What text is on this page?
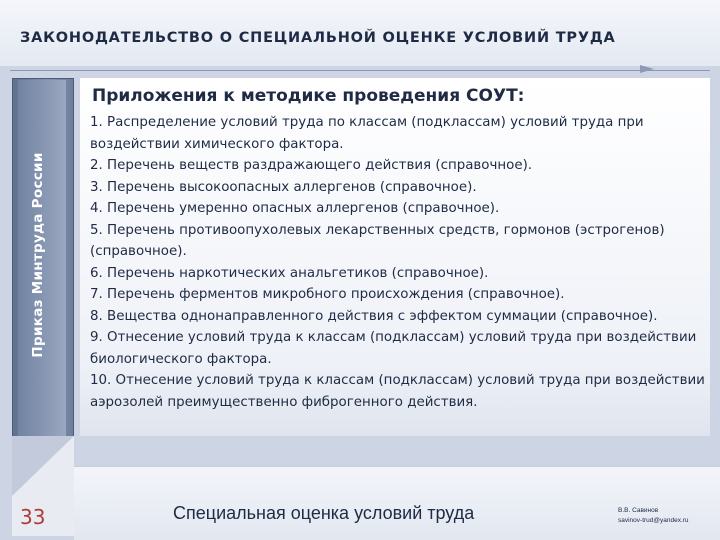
ЗАКОНОДАТЕЛЬСТВО О СПЕЦИАЛЬНОЙ ОЦЕНКЕ УСЛОВИЙ ТРУДА
Приказ Минтруда России
Приложения к методике проведения СОУТ:
1. Распределение условий труда по классам (подклассам) условий труда при воздействии химического фактора.
2. Перечень веществ раздражающего действия (справочное).
3. Перечень высокоопасных аллергенов (справочное).
4. Перечень умеренно опасных аллергенов (справочное).
5. Перечень противоопухолевых лекарственных средств, гормонов (эстрогенов) (справочное).
6. Перечень наркотических анальгетиков (справочное).
7. Перечень ферментов микробного происхождения (справочное).
8. Вещества однонаправленного действия с эффектом суммации (справочное).
9. Отнесение условий труда к классам (подклассам) условий труда при воздействии биологического фактора.
10. Отнесение условий труда к классам (подклассам) условий труда при воздействии аэрозолей преимущественно фиброгенного действия.
33	Специальная оценка условий труда	В.В. Савинов
savinov-trud@yandex.ru
